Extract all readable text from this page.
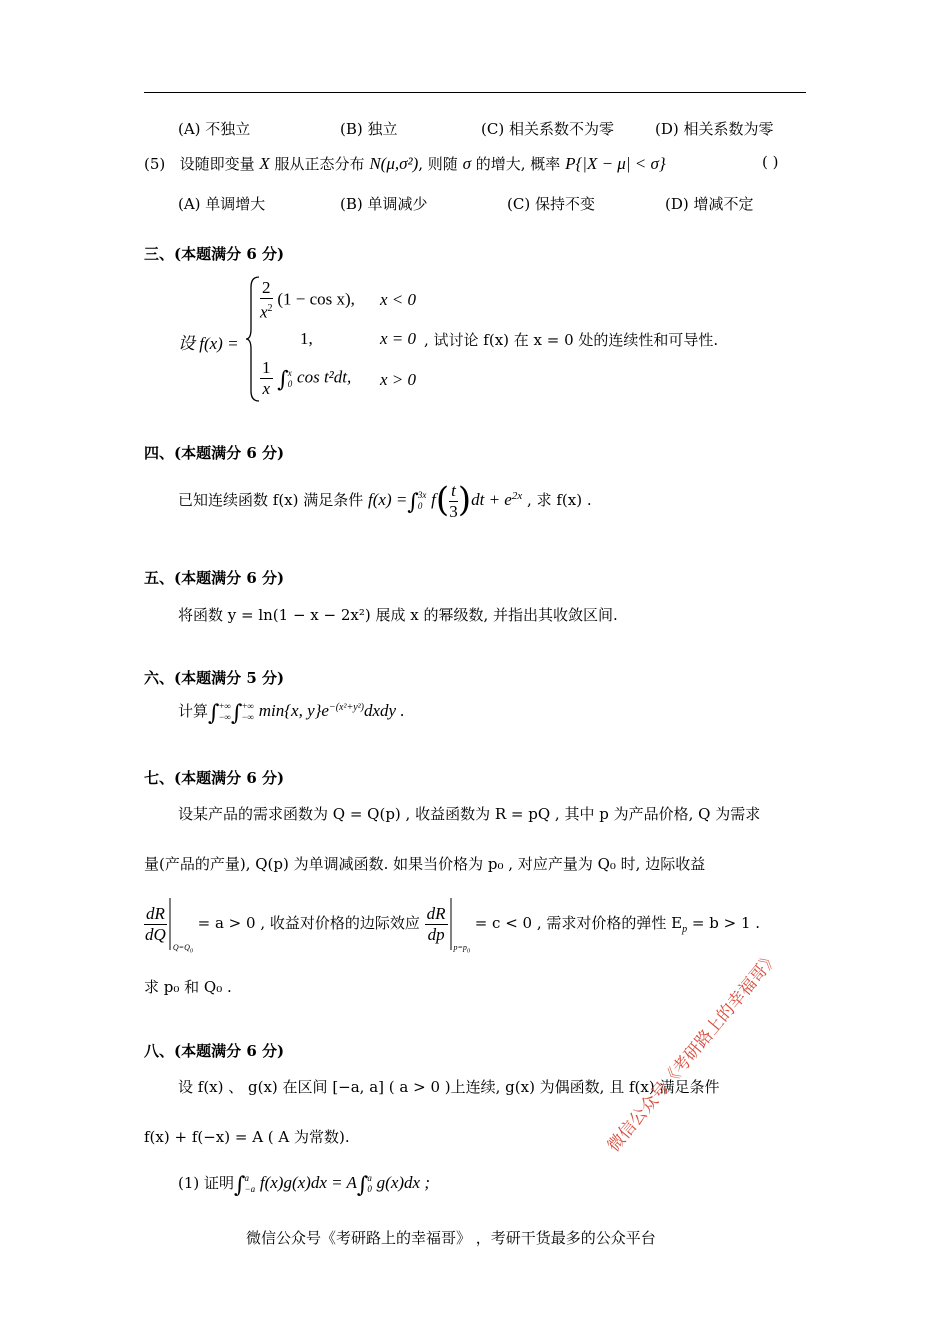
(A) 不独立	(B) 独立	(C) 相关系数不为零	(D) 相关系数为零
(5) 设随即变量 X 服从正态分布 N(μ,σ²), 则随 σ 的增大, 概率 P{|X − μ| < σ}	( )
(A) 单调增大	(B) 单调减少	(C) 保持不变	(D) 增减不定
三、(本题满分 6 分)
设 f(x) =
$\frac{2}{x^2} (1 - \cos x)$, x < 0
1,	x = 0 , 试讨论 f(x) 在 x = 0 处的连续性和可导性.
$\frac{1}{x} \int x$
0 cos t²dt, x > 0
四、(本题满分 6 分)
已知连续函数 f(x) 满足条件 f(x) =∫3x
0 $f( \frac{t}{3} )dt + e^{2x}$ , 求 f(x) .
五、(本题满分 6 分)
将函数 y = ln(1 − x − 2x²) 展成 x 的幂级数, 并指出其收敛区间.
六、(本题满分 5 分)
计算∫+∞
−∞∫+∞
−∞ min{x, $y\}e^{-(x^2+y^2)}dxdy$ .
七、(本题满分 6 分)
设某产品的需求函数为 Q = Q(p) , 收益函数为 R = pQ , 其中 p 为产品价格, Q 为需求
量(产品的产量), Q(p) 为单调减函数. 如果当价格为 p₀ , 对应产量为 Q₀ 时, 边际收益
$\frac{dR}{dQ}$
$_{Q=Q_0}$ = a > 0 , 收益对价格的边际效应 $\frac{dR}{dp}$
$_{p=p_0}$ = c < 0 , 需求对价格的弹性 $E_p = b > 1$ .
求 p₀ 和 Q₀ .
八、(本题满分 6 分)
设 f(x) 、 g(x) 在区间 [−a, a] ( a > 0 )上连续, g(x) 为偶函数, 且 f(x) 满足条件
f(x) + f(−x) = A ( A 为常数).
(1) 证明∫a
−a f(x)g(x)dx = A∫a
0 g(x)dx ;
微信公众号《考研路上的幸福哥》
微信公众号《考研路上的幸福哥》 ，考研干货最多的公众平台
